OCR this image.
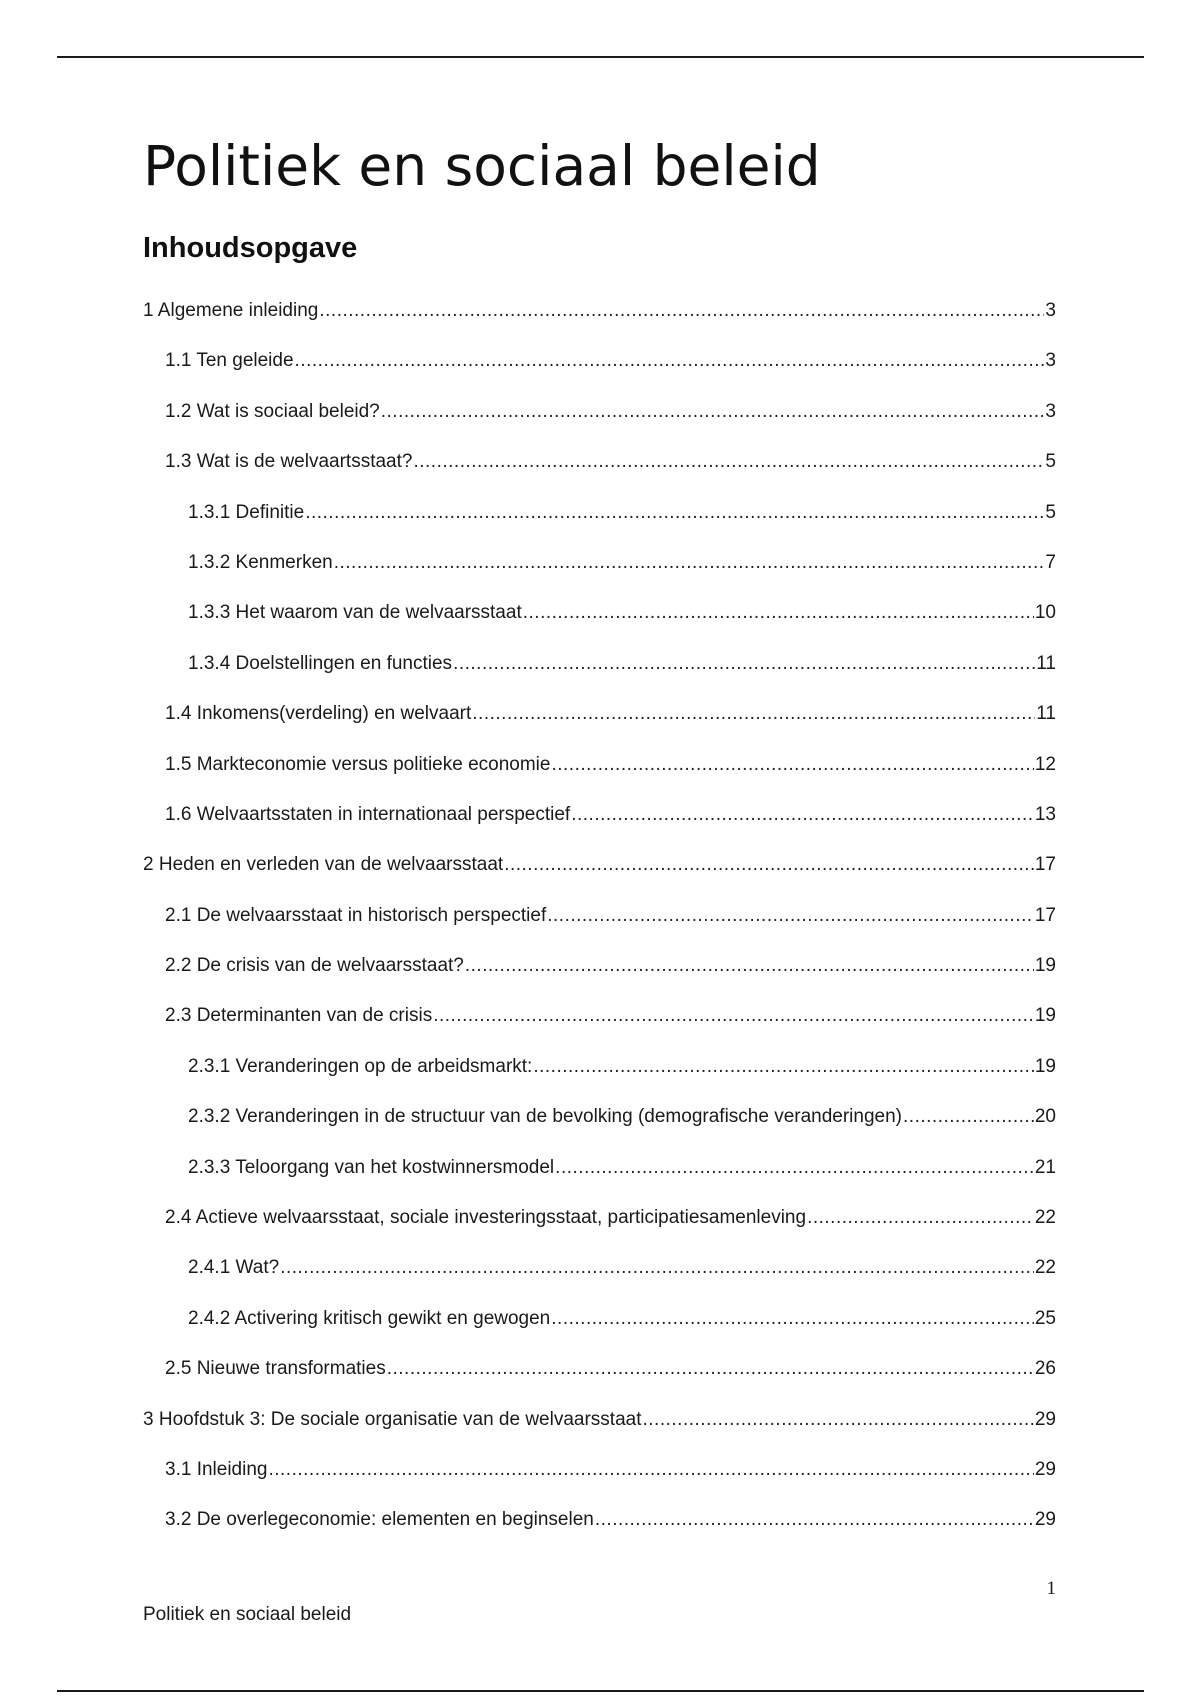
Politiek en sociaal beleid
Inhoudsopgave
1 Algemene inleiding .....	3
1.1 Ten geleide .....	3
1.2 Wat is sociaal beleid? .....	3
1.3 Wat is de welvaartsstaat? .....	5
1.3.1 Definitie .....	5
1.3.2 Kenmerken .....	7
1.3.3 Het waarom van de welvaarsstaat .....	10
1.3.4 Doelstellingen en functies .....	11
1.4 Inkomens(verdeling) en welvaart .....	11
1.5 Markteconomie versus politieke economie .....	12
1.6 Welvaartsstaten in internationaal perspectief .....	13
2 Heden en verleden van de welvaarsstaat .....	17
2.1 De welvaarsstaat in historisch perspectief .....	17
2.2 De crisis van de welvaarsstaat? .....	19
2.3 Determinanten van de crisis .....	19
2.3.1 Veranderingen op de arbeidsmarkt: .....	19
2.3.2 Veranderingen in de structuur van de bevolking (demografische veranderingen) .....	20
2.3.3 Teloorgang van het kostwinnersmodel .....	21
2.4 Actieve welvaarsstaat, sociale investeringsstaat, participatiesamenleving .....	22
2.4.1 Wat? .....	22
2.4.2 Activering kritisch gewikt en gewogen .....	25
2.5 Nieuwe transformaties .....	26
3 Hoofdstuk 3: De sociale organisatie van de welvaarsstaat .....	29
3.1 Inleiding .....	29
3.2 De overlegeconomie: elementen en beginselen .....	29
1
Politiek en sociaal beleid
